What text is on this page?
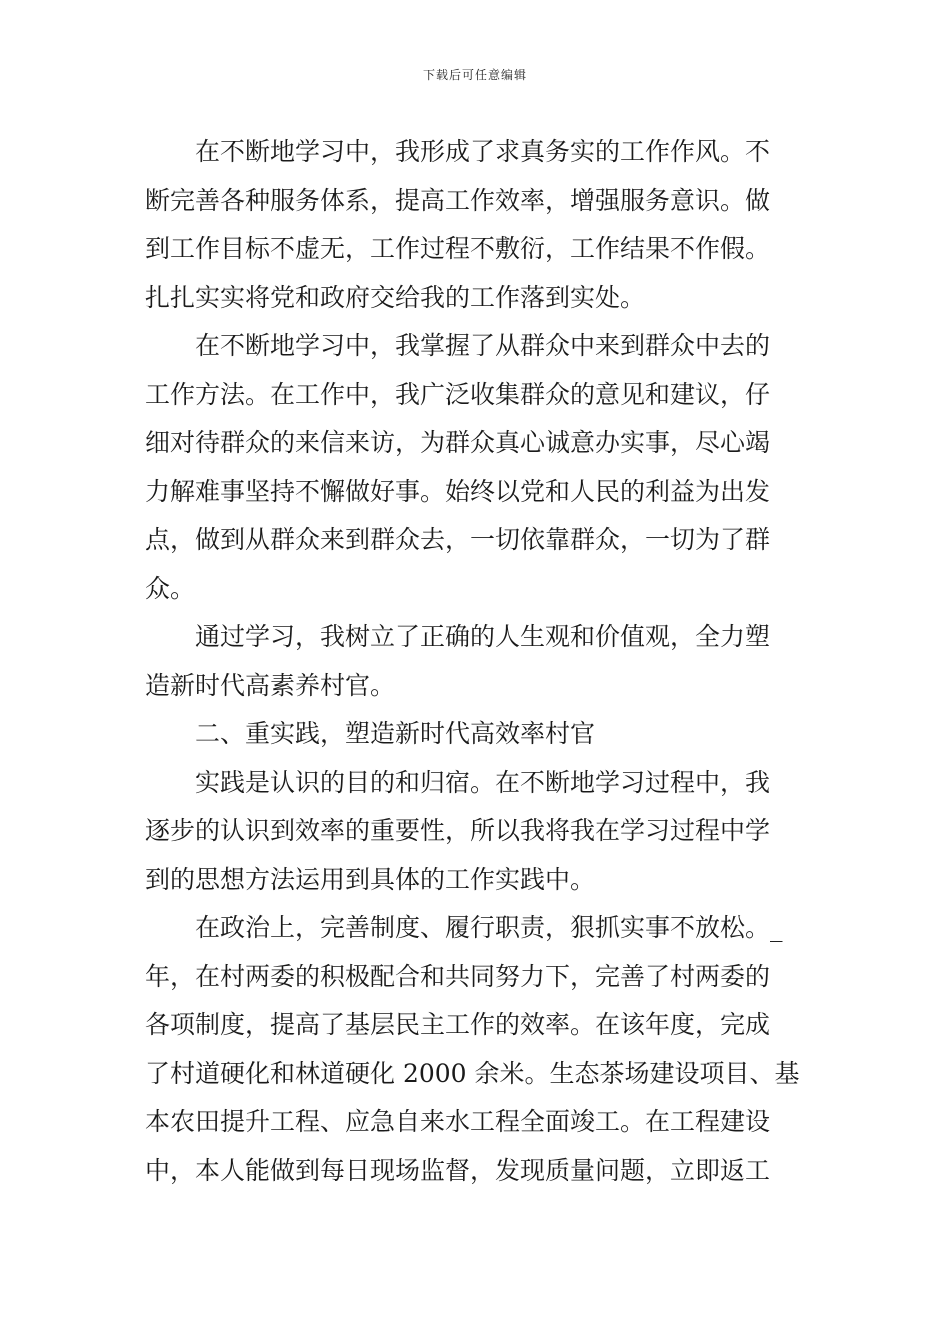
下载后可任意编辑

　　在不断地学习中，我形成了求真务实的工作作风。不
断完善各种服务体系，提高工作效率，增强服务意识。做
到工作目标不虚无，工作过程不敷衍，工作结果不作假。
扎扎实实将党和政府交给我的工作落到实处。

　　在不断地学习中，我掌握了从群众中来到群众中去的
工作方法。在工作中，我广泛收集群众的意见和建议，仔
细对待群众的来信来访，为群众真心诚意办实事，尽心竭
力解难事坚持不懈做好事。始终以党和人民的利益为出发
点，做到从群众来到群众去，一切依靠群众，一切为了群
众。

　　通过学习，我树立了正确的人生观和价值观，全力塑
造新时代高素养村官。

　　二、重实践，塑造新时代高效率村官

　　实践是认识的目的和归宿。在不断地学习过程中，我
逐步的认识到效率的重要性，所以我将我在学习过程中学
到的思想方法运用到具体的工作实践中。

　　在政治上，完善制度、履行职责，狠抓实事不放松。_
年，在村两委的积极配合和共同努力下，完善了村两委的
各项制度，提高了基层民主工作的效率。在该年度，完成
了村道硬化和林道硬化 2000 余米。生态茶场建设项目、基
本农田提升工程、应急自来水工程全面竣工。在工程建设
中，本人能做到每日现场监督，发现质量问题，立即返工
